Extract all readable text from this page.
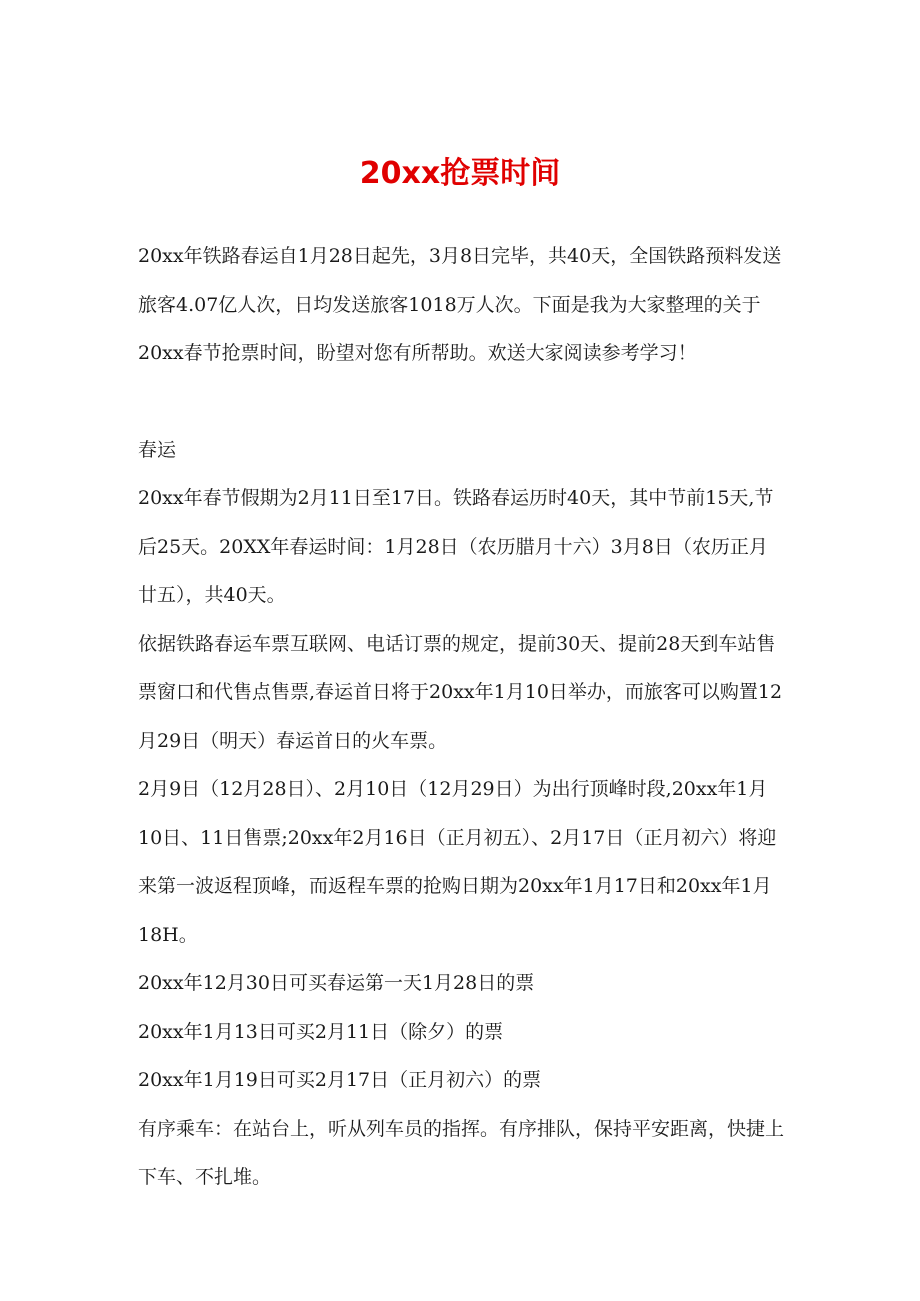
20xx抢票时间

20xx年铁路春运自1月28日起先，3月8日完毕，共40天，全国铁路预料发送旅客4.07亿人次，日均发送旅客1018万人次。下面是我为大家整理的关于20xx春节抢票时间，盼望对您有所帮助。欢送大家阅读参考学习！

春运

20xx年春节假期为2月11日至17日。铁路春运历时40天，其中节前15天,节后25天。20XX年春运时间：1月28日（农历腊月十六）3月8日（农历正月廿五），共40天。

依据铁路春运车票互联网、电话订票的规定，提前30天、提前28天到车站售票窗口和代售点售票,春运首日将于20xx年1月10日举办，而旅客可以购置12月29日（明天）春运首日的火车票。

2月9日（12月28日）、2月10日（12月29日）为出行顶峰时段,20xx年1月10日、11日售票;20xx年2月16日（正月初五）、2月17日（正月初六）将迎来第一波返程顶峰，而返程车票的抢购日期为20xx年1月17日和20xx年1月18H。

20xx年12月30日可买春运第一天1月28日的票

20xx年1月13日可买2月11日（除夕）的票

20xx年1月19日可买2月17日（正月初六）的票

有序乘车：在站台上，听从列车员的指挥。有序排队，保持平安距离，快捷上下车、不扎堆。
